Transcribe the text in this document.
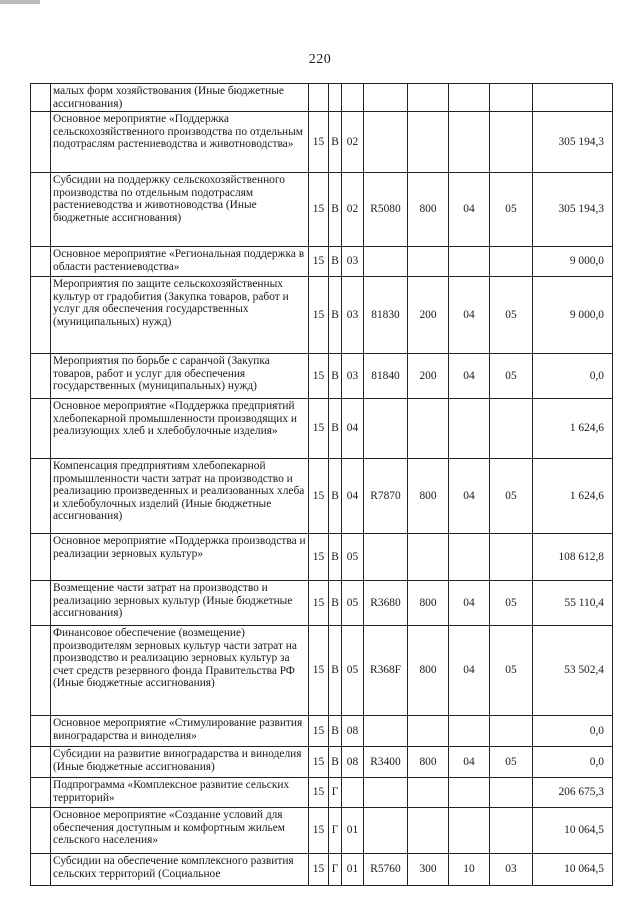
220
	малых форм хозяйствования (Иные бюджетные ассигнования)								
	Основное мероприятие «Поддержка сельскохозяйственного производства по отдельным подотраслям растениеводства и животноводства»	15	В	02					305 194,3
	Субсидии на поддержку сельскохозяйственного производства по отдельным подотраслям растениеводства и животноводства (Иные бюджетные ассигнования)	15	В	02	R5080	800	04	05	305 194,3
	Основное мероприятие «Региональная поддержка в области растениеводства»	15	В	03					9 000,0
	Мероприятия по защите сельскохозяйственных культур от градобития (Закупка товаров, работ и услуг для обеспечения государственных (муниципальных) нужд)	15	В	03	81830	200	04	05	9 000,0
	Мероприятия по борьбе с саранчой (Закупка товаров, работ и услуг для обеспечения государственных (муниципальных) нужд)	15	В	03	81840	200	04	05	0,0
	Основное мероприятие «Поддержка предприятий хлебопекарной промышленности производящих и реализующих хлеб и хлебобулочные изделия»	15	В	04					1 624,6
	Компенсация предприятиям хлебопекарной промышленности части затрат на производство и реализацию произведенных и реализованных хлеба и хлебобулочных изделий (Иные бюджетные ассигнования)	15	В	04	R7870	800	04	05	1 624,6
	Основное мероприятие «Поддержка производства и реализации зерновых культур»	15	В	05					108 612,8
	Возмещение части затрат на производство и реализацию зерновых культур (Иные бюджетные ассигнования)	15	В	05	R3680	800	04	05	55 110,4
	Финансовое обеспечение (возмещение) производителям зерновых культур части затрат на производство и реализацию зерновых культур за счет средств резервного фонда Правительства РФ (Иные бюджетные ассигнования)	15	В	05	R368F	800	04	05	53 502,4
	Основное мероприятие «Стимулирование развития виноградарства и виноделия»	15	В	08					0,0
	Субсидии на развитие виноградарства и виноделия (Иные бюджетные ассигнования)	15	В	08	R3400	800	04	05	0,0
	Подпрограмма «Комплексное развитие сельских территорий»	15	Г						206 675,3
	Основное мероприятие «Создание условий для обеспечения доступным и комфортным жильем сельского населения»	15	Г	01					10 064,5
	Субсидии на обеспечение комплексного развития сельских территорий (Социальное	15	Г	01	R5760	300	10	03	10 064,5
